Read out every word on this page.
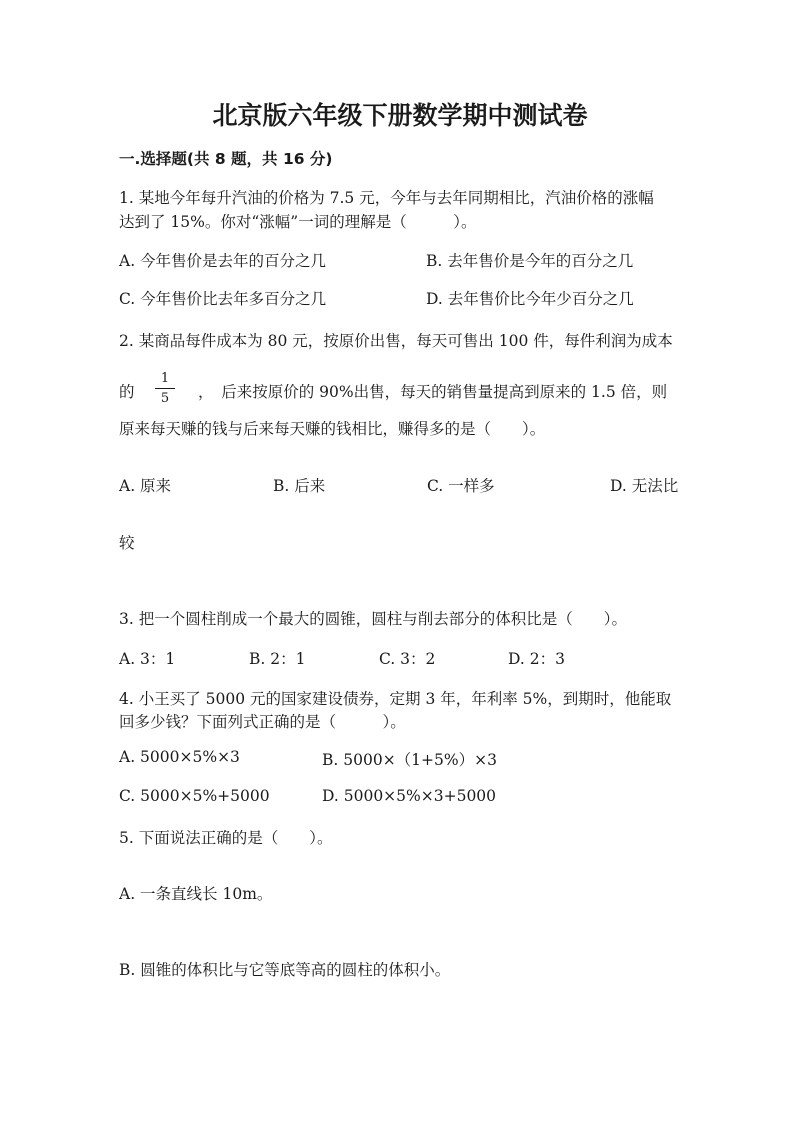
北京版六年级下册数学期中测试卷
一.选择题(共 8 题，共 16 分)
1. 某地今年每升汽油的价格为 7.5 元，今年与去年同期相比，汽油价格的涨幅
达到了 15%。你对“涨幅”一词的理解是（　　　）。
A. 今年售价是去年的百分之几	B. 去年售价是今年的百分之几
C. 今年售价比去年多百分之几	D. 去年售价比今年少百分之几
2. 某商品每件成本为 80 元，按原价出售，每天可售出 100 件，每件利润为成本
的 $\frac{1}{5}$ ，　后来按原价的 90%出售，每天的销售量提高到原来的 1.5 倍，则
原来每天赚的钱与后来每天赚的钱相比，赚得多的是（　　）。
A. 原来	B. 后来	C. 一样多	D. 无法比
较
3. 把一个圆柱削成一个最大的圆锥，圆柱与削去部分的体积比是（　　）。
A. 3：1	B. 2：1	C. 3：2	D. 2：3
4. 小王买了 5000 元的国家建设债券，定期 3 年，年利率 5%，到期时，他能取
回多少钱？下面列式正确的是（　　　）。
A. 5000×5%×3	B. 5000×（1+5%）×3
C. 5000×5%+5000	D. 5000×5%×3+5000
5. 下面说法正确的是（　　）。
A. 一条直线长 10m。
B. 圆锥的体积比与它等底等高的圆柱的体积小。
